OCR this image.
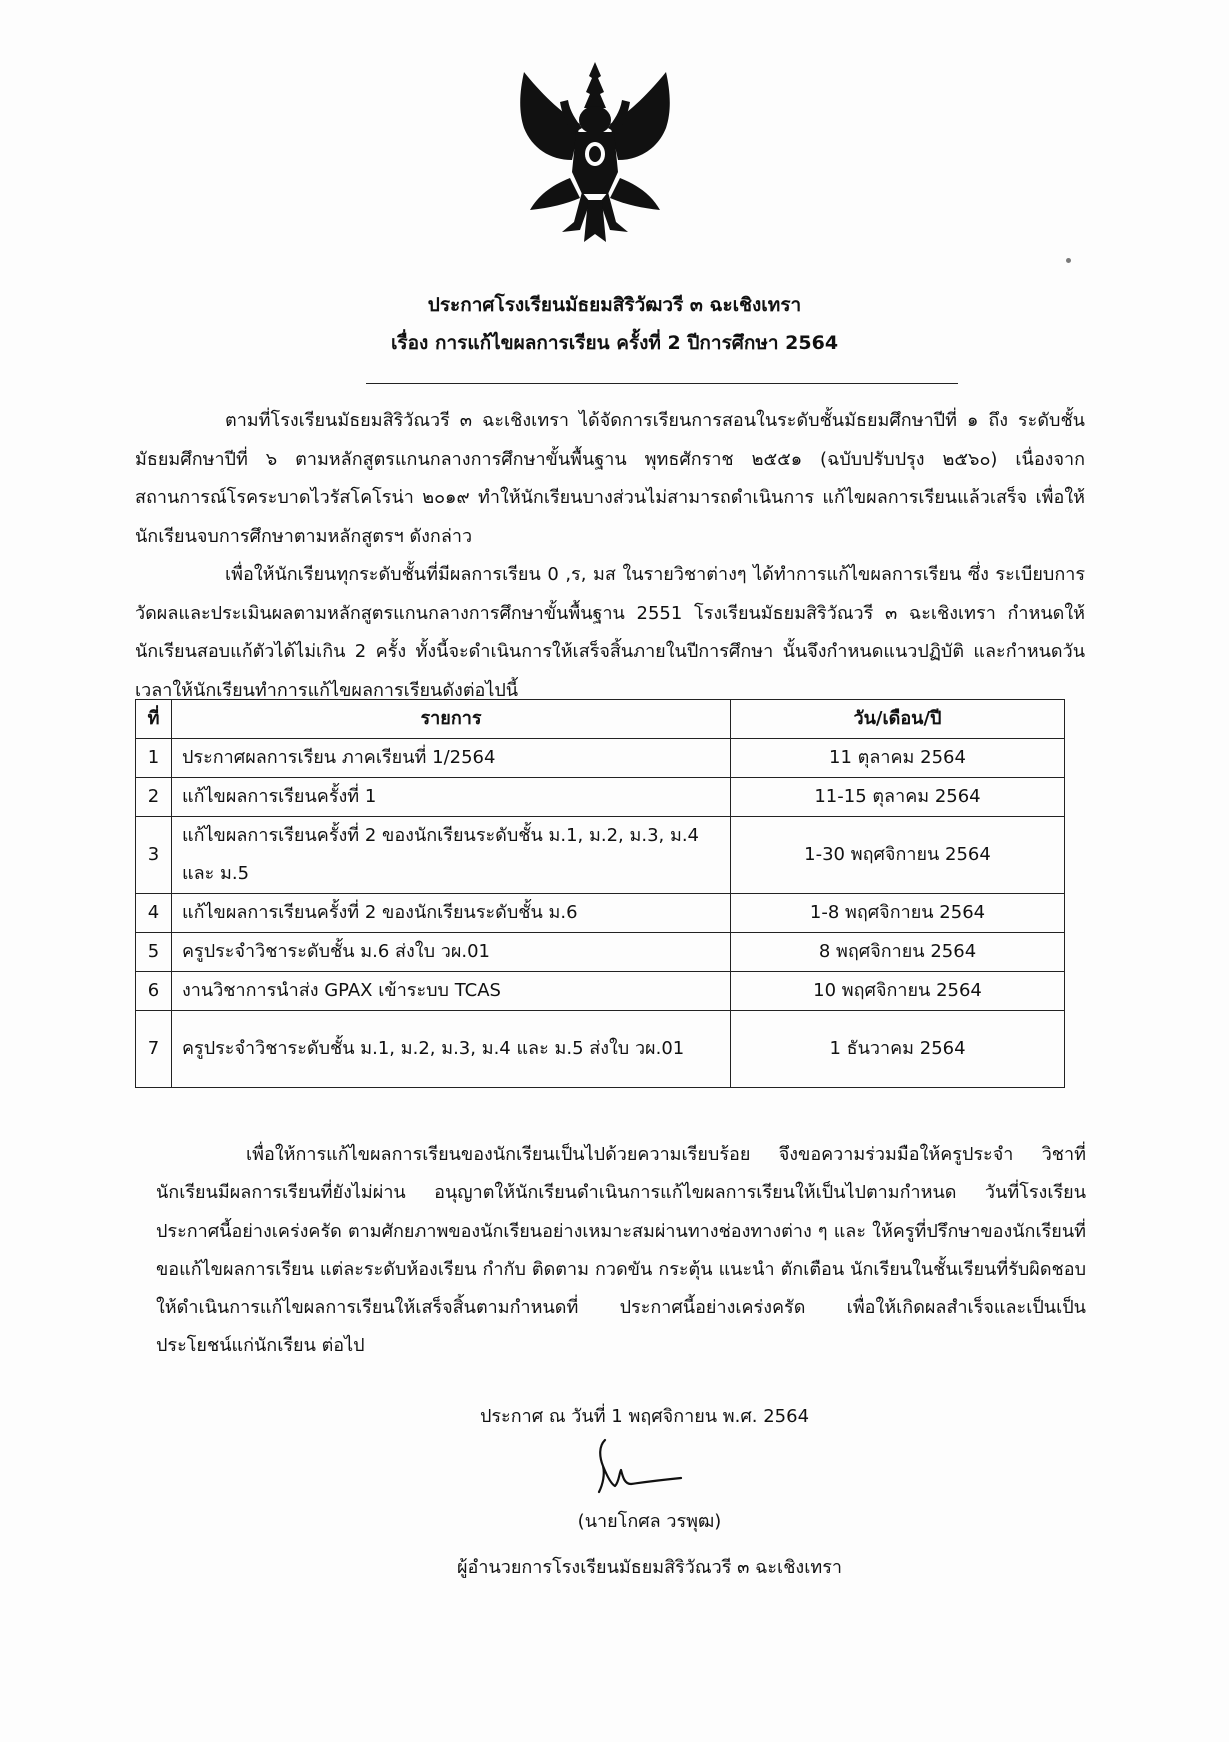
ประกาศโรงเรียนมัธยมสิริวัฒวรี ๓ ฉะเชิงเทรา
เรื่อง การแก้ไขผลการเรียน ครั้งที่ 2 ปีการศึกษา 2564
ตามที่โรงเรียนมัธยมสิริวัณวรี ๓ ฉะเชิงเทรา ได้จัดการเรียนการสอนในระดับชั้นมัธยมศึกษาปีที่ ๑ ถึง ระดับชั้นมัธยมศึกษาปีที่ ๖ ตามหลักสูตรแกนกลางการศึกษาขั้นพื้นฐาน พุทธศักราช ๒๕๕๑ (ฉบับปรับปรุง ๒๕๖๐) เนื่องจากสถานการณ์โรคระบาดไวรัสโคโรน่า ๒๐๑๙ ทำให้นักเรียนบางส่วนไม่สามารถดำเนินการ แก้ไขผลการเรียนแล้วเสร็จ เพื่อให้นักเรียนจบการศึกษาตามหลักสูตรฯ ดังกล่าว
เพื่อให้นักเรียนทุกระดับชั้นที่มีผลการเรียน 0 ,ร, มส ในรายวิชาต่างๆ ได้ทำการแก้ไขผลการเรียน ซึ่ง ระเบียบการวัดผลและประเมินผลตามหลักสูตรแกนกลางการศึกษาขั้นพื้นฐาน 2551 โรงเรียนมัธยมสิริวัณวรี ๓ ฉะเชิงเทรา กำหนดให้นักเรียนสอบแก้ตัวได้ไม่เกิน 2 ครั้ง ทั้งนี้จะดำเนินการให้เสร็จสิ้นภายในปีการศึกษา นั้นจึงกำหนดแนวปฏิบัติ และกำหนดวันเวลาให้นักเรียนทำการแก้ไขผลการเรียนดังต่อไปนี้
ที่	รายการ	วัน/เดือน/ปี
1	ประกาศผลการเรียน ภาคเรียนที่ 1/2564	11 ตุลาคม 2564
2	แก้ไขผลการเรียนครั้งที่ 1	11-15 ตุลาคม 2564
3	แก้ไขผลการเรียนครั้งที่ 2 ของนักเรียนระดับชั้น ม.1, ม.2, ม.3, ม.4 และ ม.5	1-30 พฤศจิกายน 2564
4	แก้ไขผลการเรียนครั้งที่ 2 ของนักเรียนระดับชั้น ม.6	1-8 พฤศจิกายน 2564
5	ครูประจำวิชาระดับชั้น ม.6 ส่งใบ วผ.01	8 พฤศจิกายน 2564
6	งานวิชาการนำส่ง GPAX เข้าระบบ TCAS	10 พฤศจิกายน 2564
7	ครูประจำวิชาระดับชั้น ม.1, ม.2, ม.3, ม.4 และ ม.5 ส่งใบ วผ.01	1 ธันวาคม 2564
เพื่อให้การแก้ไขผลการเรียนของนักเรียนเป็นไปด้วยความเรียบร้อย จึงขอความร่วมมือให้ครูประจำ วิชาที่นักเรียนมีผลการเรียนที่ยังไม่ผ่าน อนุญาตให้นักเรียนดำเนินการแก้ไขผลการเรียนให้เป็นไปตามกำหนด วันที่โรงเรียนประกาศนี้อย่างเคร่งครัด ตามศักยภาพของนักเรียนอย่างเหมาะสมผ่านทางช่องทางต่าง ๆ และ ให้ครูที่ปรึกษาของนักเรียนที่ขอแก้ไขผลการเรียน แต่ละระดับห้องเรียน กำกับ ติดตาม กวดขัน กระตุ้น แนะนำ ตักเตือน นักเรียนในชั้นเรียนที่รับผิดชอบให้ดำเนินการแก้ไขผลการเรียนให้เสร็จสิ้นตามกำหนดที่ ประกาศนี้อย่างเคร่งครัด เพื่อให้เกิดผลสำเร็จและเป็นเป็นประโยชน์แก่นักเรียน ต่อไป
ประกาศ ณ วันที่ 1 พฤศจิกายน พ.ศ. 2564
(นายโกศล วรพุฒ)
ผู้อำนวยการโรงเรียนมัธยมสิริวัณวรี ๓ ฉะเชิงเทรา
